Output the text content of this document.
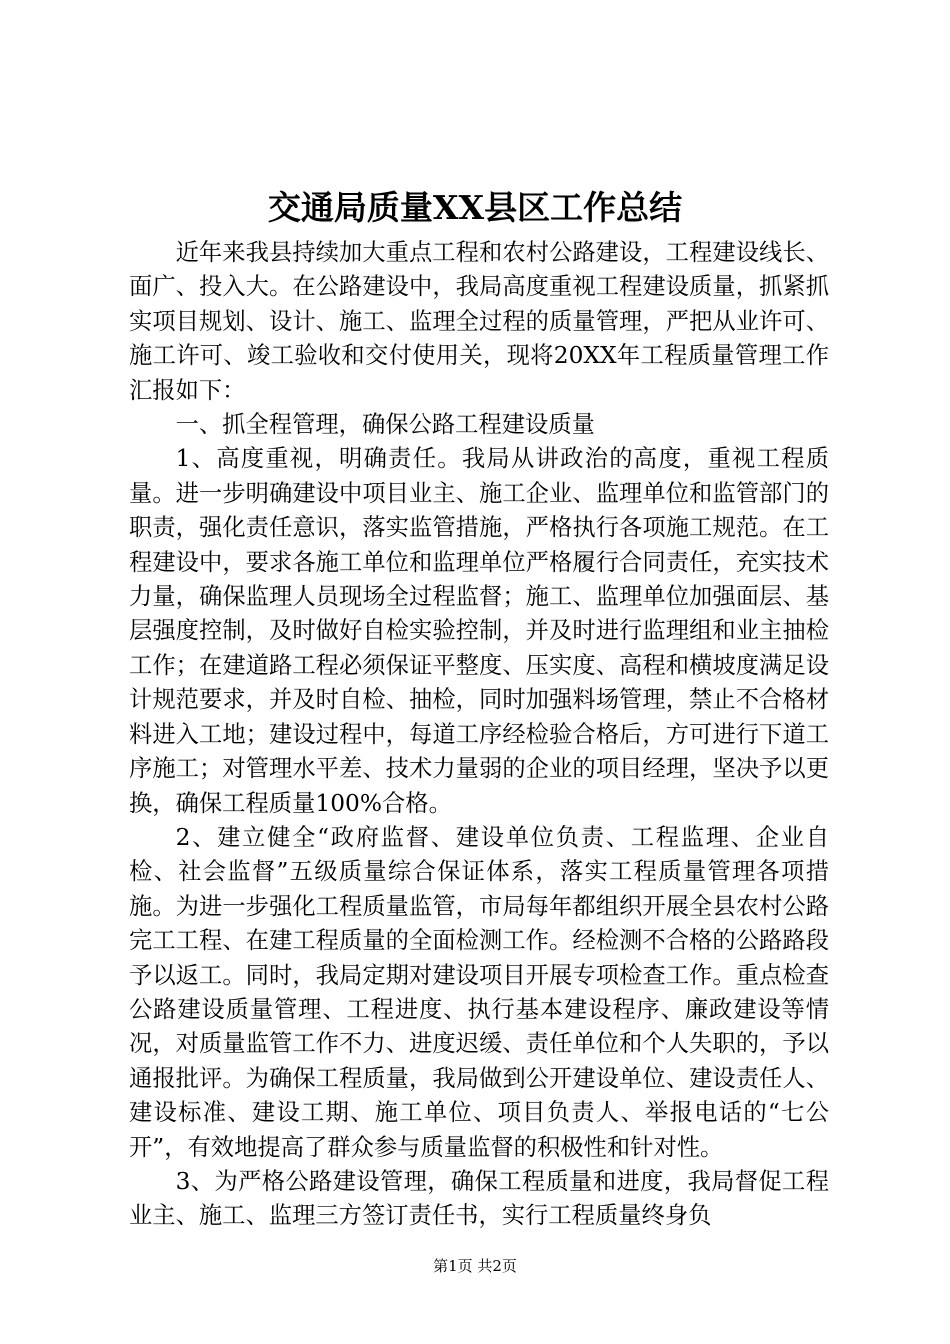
交通局质量XX县区工作总结

近年来我县持续加大重点工程和农村公路建设，工程建设线长、面广、投入大。在公路建设中，我局高度重视工程建设质量，抓紧抓实项目规划、设计、施工、监理全过程的质量管理，严把从业许可、施工许可、竣工验收和交付使用关，现将20XX年工程质量管理工作汇报如下：

一、抓全程管理，确保公路工程建设质量

1、高度重视，明确责任。我局从讲政治的高度，重视工程质量。进一步明确建设中项目业主、施工企业、监理单位和监管部门的职责，强化责任意识，落实监管措施，严格执行各项施工规范。在工程建设中，要求各施工单位和监理单位严格履行合同责任，充实技术力量，确保监理人员现场全过程监督；施工、监理单位加强面层、基层强度控制，及时做好自检实验控制，并及时进行监理组和业主抽检工作；在建道路工程必须保证平整度、压实度、高程和横坡度满足设计规范要求，并及时自检、抽检，同时加强料场管理，禁止不合格材料进入工地；建设过程中，每道工序经检验合格后，方可进行下道工序施工；对管理水平差、技术力量弱的企业的项目经理，坚决予以更换，确保工程质量100%合格。

2、建立健全“政府监督、建设单位负责、工程监理、企业自检、社会监督”五级质量综合保证体系，落实工程质量管理各项措施。为进一步强化工程质量监管，市局每年都组织开展全县农村公路完工工程、在建工程质量的全面检测工作。经检测不合格的公路路段予以返工。同时，我局定期对建设项目开展专项检查工作。重点检查公路建设质量管理、工程进度、执行基本建设程序、廉政建设等情况，对质量监管工作不力、进度迟缓、责任单位和个人失职的，予以通报批评。为确保工程质量，我局做到公开建设单位、建设责任人、建设标准、建设工期、施工单位、项目负责人、举报电话的“七公开”，有效地提高了群众参与质量监督的积极性和针对性。

3、为严格公路建设管理，确保工程质量和进度，我局督促工程业主、施工、监理三方签订责任书，实行工程质量终身负

第1页 共2页
